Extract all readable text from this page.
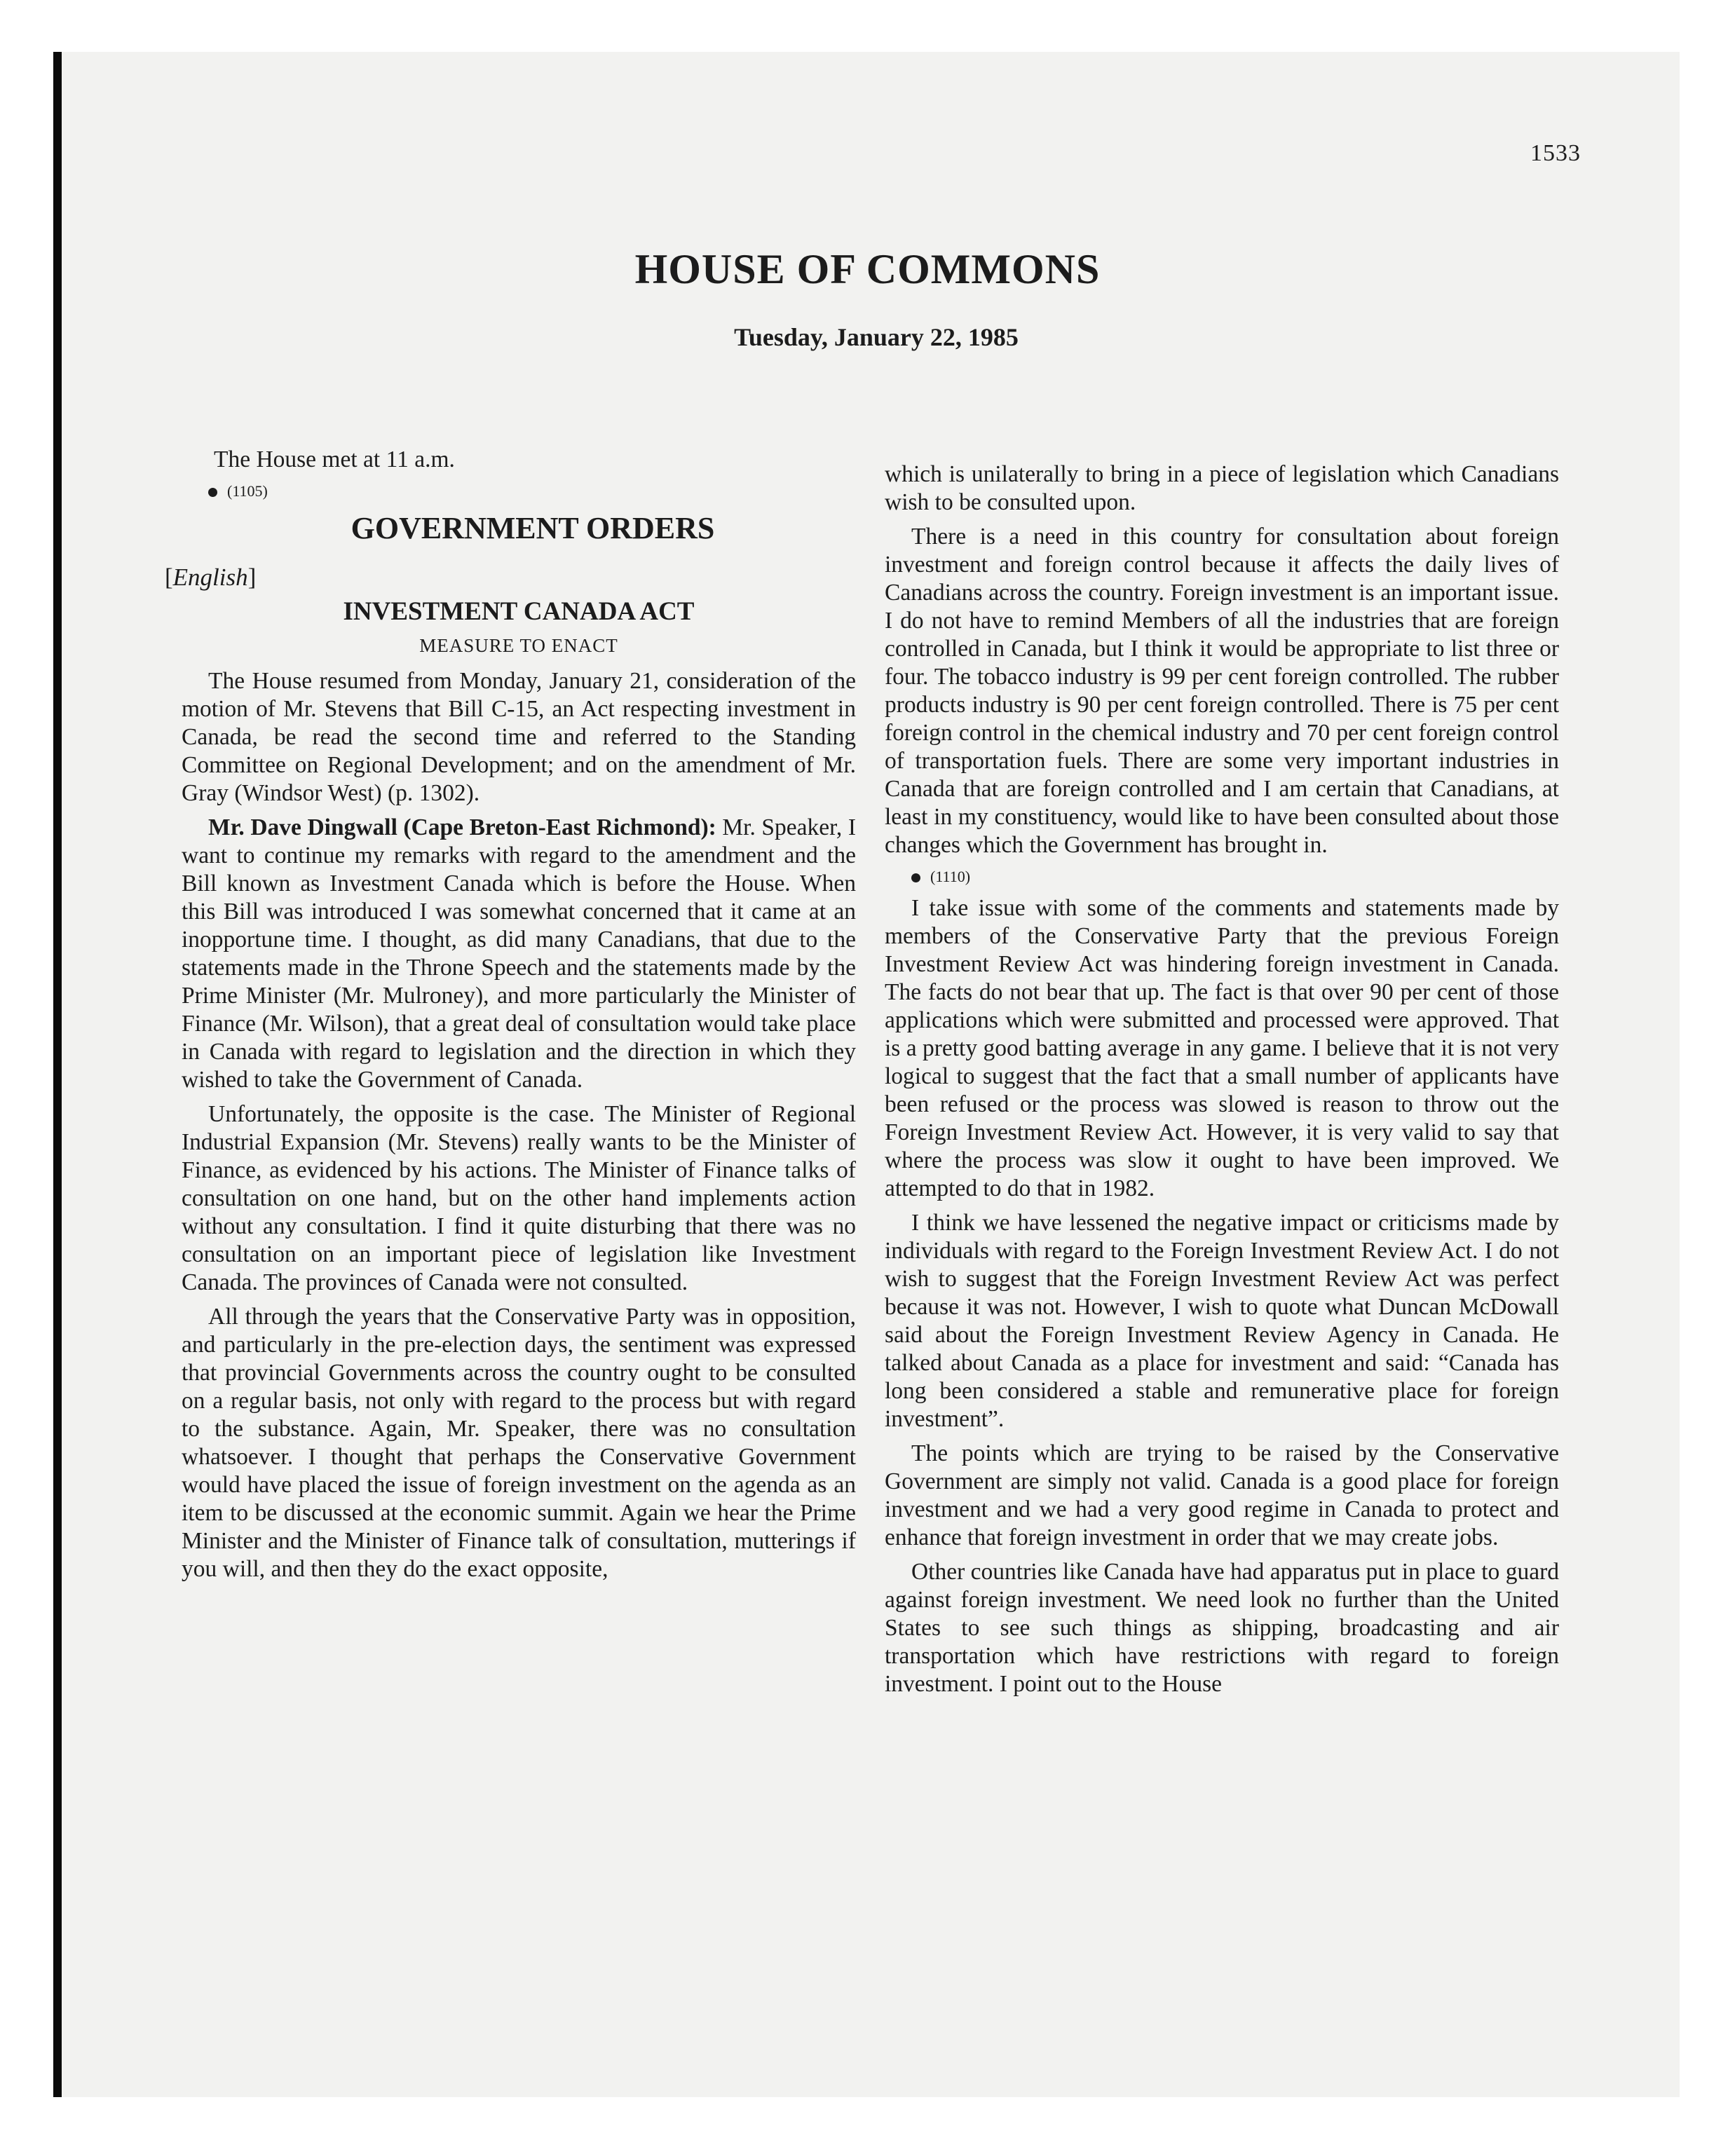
1533
HOUSE OF COMMONS
Tuesday, January 22, 1985

The House met at 11 a.m.

(1105)

GOVERNMENT ORDERS
[English]
INVESTMENT CANADA ACT
MEASURE TO ENACT

The House resumed from Monday, January 21, consideration of the motion of Mr. Stevens that Bill C-15, an Act respecting investment in Canada, be read the second time and referred to the Standing Committee on Regional Development; and on the amendment of Mr. Gray (Windsor West) (p. 1302).

Mr. Dave Dingwall (Cape Breton-East Richmond): Mr. Speaker, I want to continue my remarks with regard to the amendment and the Bill known as Investment Canada which is before the House. When this Bill was introduced I was somewhat concerned that it came at an inopportune time. I thought, as did many Canadians, that due to the statements made in the Throne Speech and the statements made by the Prime Minister (Mr. Mulroney), and more particularly the Minister of Finance (Mr. Wilson), that a great deal of consultation would take place in Canada with regard to legislation and the direction in which they wished to take the Government of Canada.

Unfortunately, the opposite is the case. The Minister of Regional Industrial Expansion (Mr. Stevens) really wants to be the Minister of Finance, as evidenced by his actions. The Minister of Finance talks of consultation on one hand, but on the other hand implements action without any consultation. I find it quite disturbing that there was no consultation on an important piece of legislation like Investment Canada. The provinces of Canada were not consulted.

All through the years that the Conservative Party was in opposition, and particularly in the pre-election days, the sentiment was expressed that provincial Governments across the country ought to be consulted on a regular basis, not only with regard to the process but with regard to the substance. Again, Mr. Speaker, there was no consultation whatsoever. I thought that perhaps the Conservative Government would have placed the issue of foreign investment on the agenda as an item to be discussed at the economic summit. Again we hear the Prime Minister and the Minister of Finance talk of consultation, mutterings if you will, and then they do the exact opposite,

which is unilaterally to bring in a piece of legislation which Canadians wish to be consulted upon.

There is a need in this country for consultation about foreign investment and foreign control because it affects the daily lives of Canadians across the country. Foreign investment is an important issue. I do not have to remind Members of all the industries that are foreign controlled in Canada, but I think it would be appropriate to list three or four. The tobacco industry is 99 per cent foreign controlled. The rubber products industry is 90 per cent foreign controlled. There is 75 per cent foreign control in the chemical industry and 70 per cent foreign control of transportation fuels. There are some very important industries in Canada that are foreign controlled and I am certain that Canadians, at least in my constituency, would like to have been consulted about those changes which the Government has brought in.

(1110)

I take issue with some of the comments and statements made by members of the Conservative Party that the previous Foreign Investment Review Act was hindering foreign investment in Canada. The facts do not bear that up. The fact is that over 90 per cent of those applications which were submitted and processed were approved. That is a pretty good batting average in any game. I believe that it is not very logical to suggest that the fact that a small number of applicants have been refused or the process was slowed is reason to throw out the Foreign Investment Review Act. However, it is very valid to say that where the process was slow it ought to have been improved. We attempted to do that in 1982.

I think we have lessened the negative impact or criticisms made by individuals with regard to the Foreign Investment Review Act. I do not wish to suggest that the Foreign Investment Review Act was perfect because it was not. However, I wish to quote what Duncan McDowall said about the Foreign Investment Review Agency in Canada. He talked about Canada as a place for investment and said: “Canada has long been considered a stable and remunerative place for foreign investment”.

The points which are trying to be raised by the Conservative Government are simply not valid. Canada is a good place for foreign investment and we had a very good regime in Canada to protect and enhance that foreign investment in order that we may create jobs.

Other countries like Canada have had apparatus put in place to guard against foreign investment. We need look no further than the United States to see such things as shipping, broadcasting and air transportation which have restrictions with regard to foreign investment. I point out to the House
